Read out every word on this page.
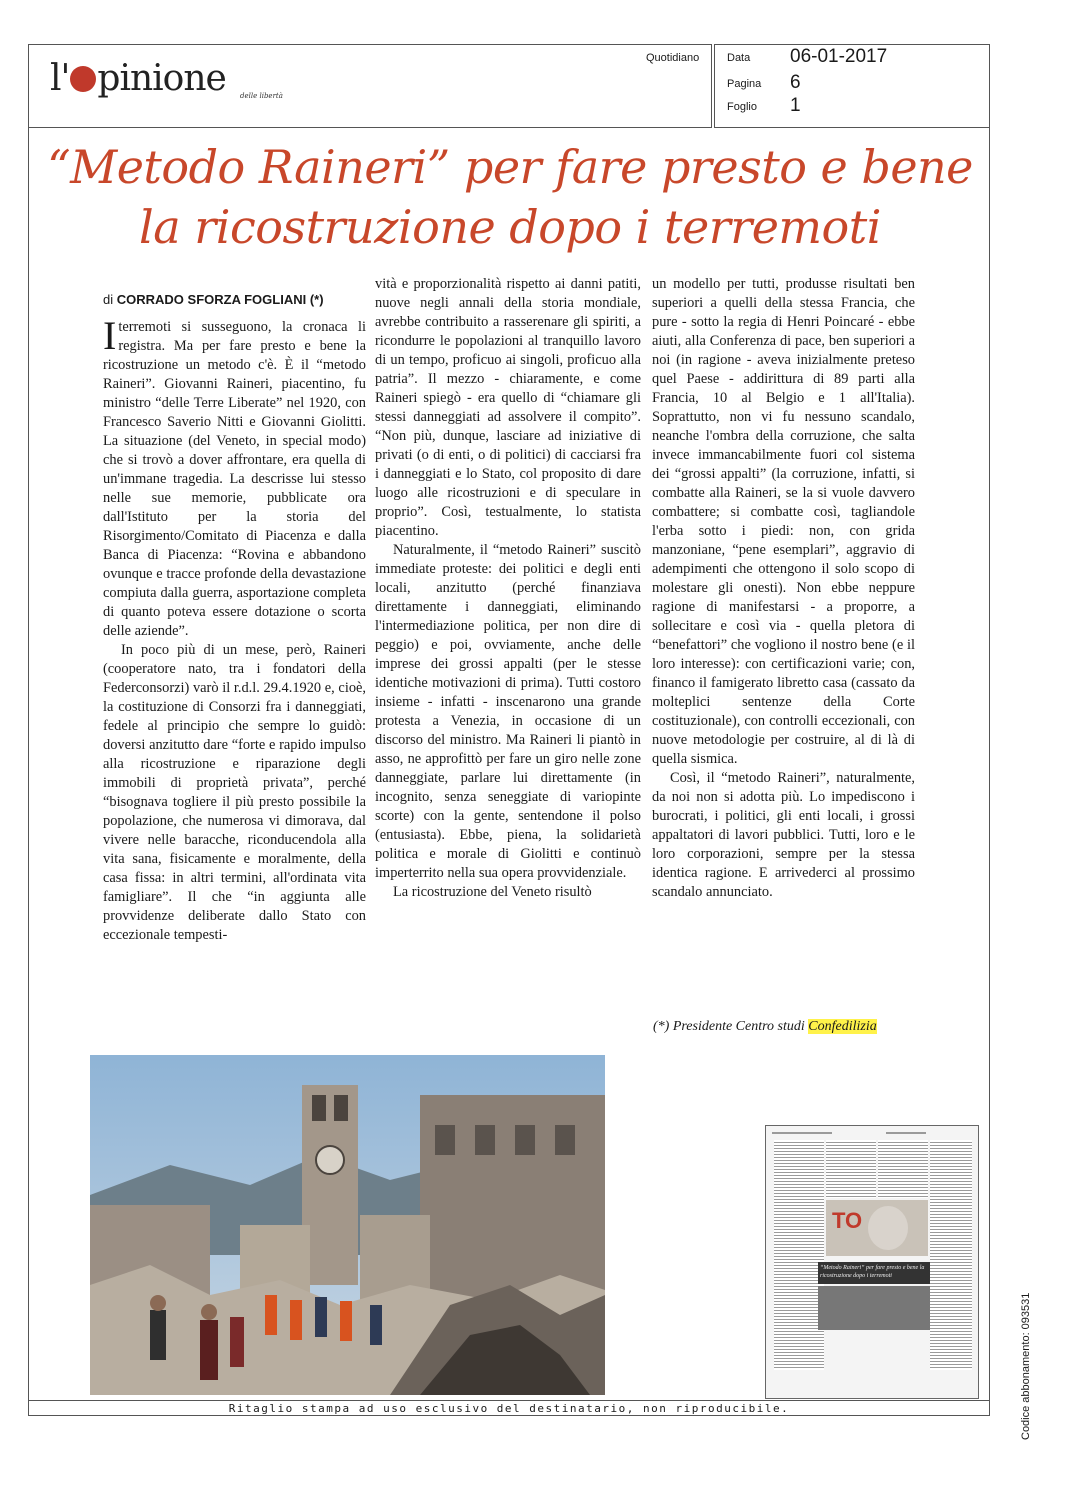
l' pinione delle libertà
Quotidiano	Data 06-01-2017
Pagina 6
Foglio 1
“Metodo Raineri” per fare presto e bene
la ricostruzione dopo i terremoti
di CORRADO SFORZA FOGLIANI (*)

Iterremoti si susseguono, la cronaca li registra. Ma per fare presto e bene la ricostruzione un metodo c'è. È il “metodo Raineri”. Giovanni Raineri, piacentino, fu ministro “delle Terre Liberate” nel 1920, con Francesco Saverio Nitti e Giovanni Giolitti. La situazione (del Veneto, in special modo) che si trovò a dover affrontare, era quella di un'immane tragedia. La descrisse lui stesso nelle sue memorie, pubblicate ora dall'Istituto per la storia del Risorgimento/Comitato di Piacenza e dalla Banca di Piacenza: “Rovina e abbandono ovunque e tracce profonde della devastazione compiuta dalla guerra, asportazione completa di quanto poteva essere dotazione o scorta delle aziende”.

In poco più di un mese, però, Raineri (cooperatore nato, tra i fondatori della Federconsorzi) varò il r.d.l. 29.4.1920 e, cioè, la costituzione di Consorzi fra i danneggiati, fedele al principio che sempre lo guidò: doversi anzitutto dare “forte e rapido impulso alla ricostruzione e riparazione degli immobili di proprietà privata”, perché “bisognava togliere il più presto possibile la popolazione, che numerosa vi dimorava, dal vivere nelle baracche, riconducendola alla vita sana, fisicamente e moralmente, della casa fissa: in altri termini, all'ordinata vita famigliare”. Il che “in aggiunta alle provvidenze deliberate dallo Stato con eccezionale tempesti-

vità e proporzionalità rispetto ai danni patiti, nuove negli annali della storia mondiale, avrebbe contribuito a rasserenare gli spiriti, a ricondurre le popolazioni al tranquillo lavoro di un tempo, proficuo ai singoli, proficuo alla patria”. Il mezzo - chiaramente, e come Raineri spiegò - era quello di “chiamare gli stessi danneggiati ad assolvere il compito”. “Non più, dunque, lasciare ad iniziative di privati (o di enti, o di politici) di cacciarsi fra i danneggiati e lo Stato, col proposito di dare luogo alle ricostruzioni e di speculare in proprio”. Così, testualmente, lo statista piacentino.

Naturalmente, il “metodo Raineri” suscitò immediate proteste: dei politici e degli enti locali, anzitutto (perché finanziava direttamente i danneggiati, eliminando l'intermediazione politica, per non dire di peggio) e poi, ovviamente, anche delle imprese dei grossi appalti (per le stesse identiche motivazioni di prima). Tutti costoro insieme - infatti - inscenarono una grande protesta a Venezia, in occasione di un discorso del ministro. Ma Raineri li piantò in asso, ne approfittò per fare un giro nelle zone danneggiate, parlare lui direttamente (in incognito, senza seneggiate di variopinte scorte) con la gente, sentendone il polso (entusiasta). Ebbe, piena, la solidarietà politica e morale di Giolitti e continuò imperterrito nella sua opera provvidenziale.

La ricostruzione del Veneto risultò

un modello per tutti, produsse risultati ben superiori a quelli della stessa Francia, che pure - sotto la regia di Henri Poincaré - ebbe aiuti, alla Conferenza di pace, ben superiori a noi (in ragione - aveva inizialmente preteso quel Paese - addirittura di 89 parti alla Francia, 10 al Belgio e 1 all'Italia). Soprattutto, non vi fu nessuno scandalo, neanche l'ombra della corruzione, che salta invece immancabilmente fuori col sistema dei “grossi appalti” (la corruzione, infatti, si combatte alla Raineri, se la si vuole davvero combattere; si combatte così, tagliandole l'erba sotto i piedi: non, con grida manzoniane, “pene esemplari”, aggravio di adempimenti che ottengono il solo scopo di molestare gli onesti). Non ebbe neppure ragione di manifestarsi - a proporre, a sollecitare e così via - quella pletora di “benefattori” che vogliono il nostro bene (e il loro interesse): con certificazioni varie; con, financo il famigerato libretto casa (cassato da molteplici sentenze della Corte costituzionale), con controlli eccezionali, con nuove metodologie per costruire, al di là di quella sismica.

Così, il “metodo Raineri”, naturalmente, da noi non si adotta più. Lo impediscono i burocrati, i politici, gli enti locali, i grossi appaltatori di lavori pubblici. Tutti, loro e le loro corporazioni, sempre per la stessa identica ragione. E arrivederci al prossimo scandalo annunciato.

(*) Presidente Centro studi Confedilizia
TO
“Metodo Raineri” per fare presto e bene la ricostruzione dopo i terremoti
Codice abbonamento: 093531
Ritaglio stampa ad uso esclusivo del destinatario, non riproducibile.
